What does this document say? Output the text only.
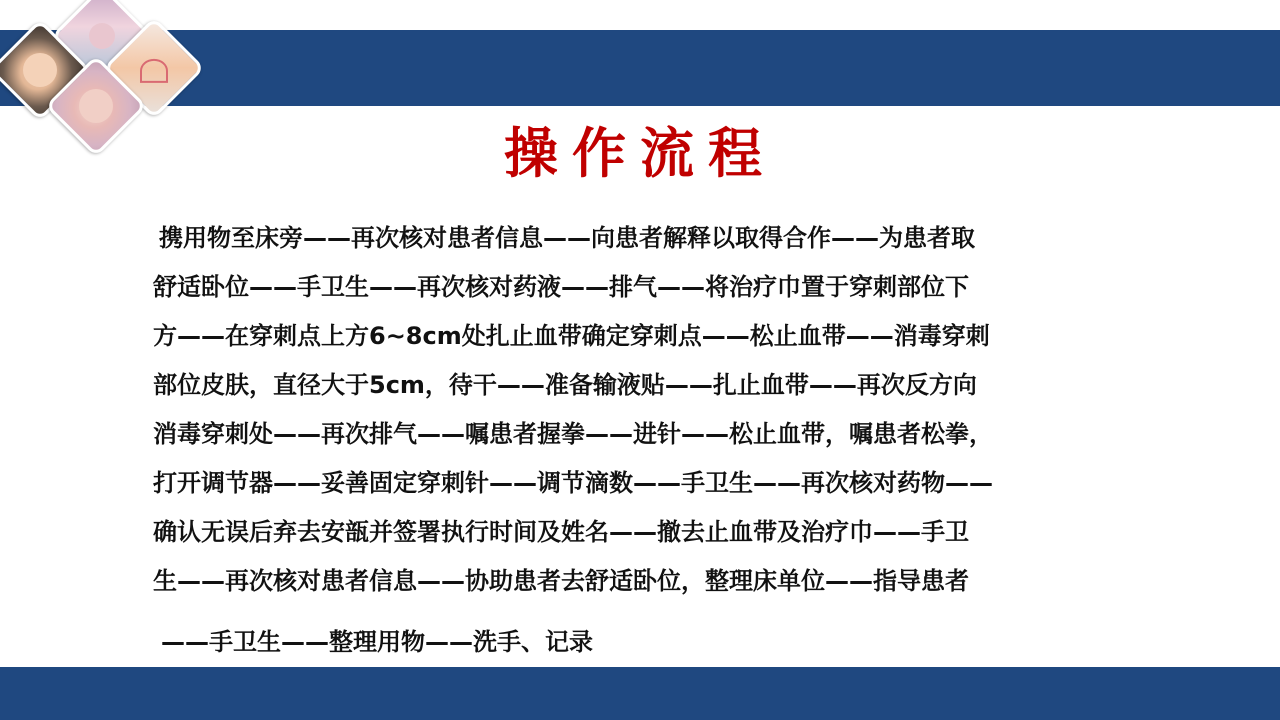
操作流程
携用物至床旁——再次核对患者信息——向患者解释以取得合作——为患者取
舒适卧位——手卫生——再次核对药液——排气——将治疗巾置于穿刺部位下
方——在穿刺点上方6~8cm处扎止血带确定穿刺点——松止血带——消毒穿刺
部位皮肤，直径大于5cm，待干——准备输液贴——扎止血带——再次反方向
消毒穿刺处——再次排气——嘱患者握拳——进针——松止血带，嘱患者松拳，
打开调节器——妥善固定穿刺针——调节滴数——手卫生——再次核对药物——
确认无误后弃去安瓿并签署执行时间及姓名——撤去止血带及治疗巾——手卫
生——再次核对患者信息——协助患者去舒适卧位，整理床单位——指导患者
——手卫生——整理用物——洗手、记录
